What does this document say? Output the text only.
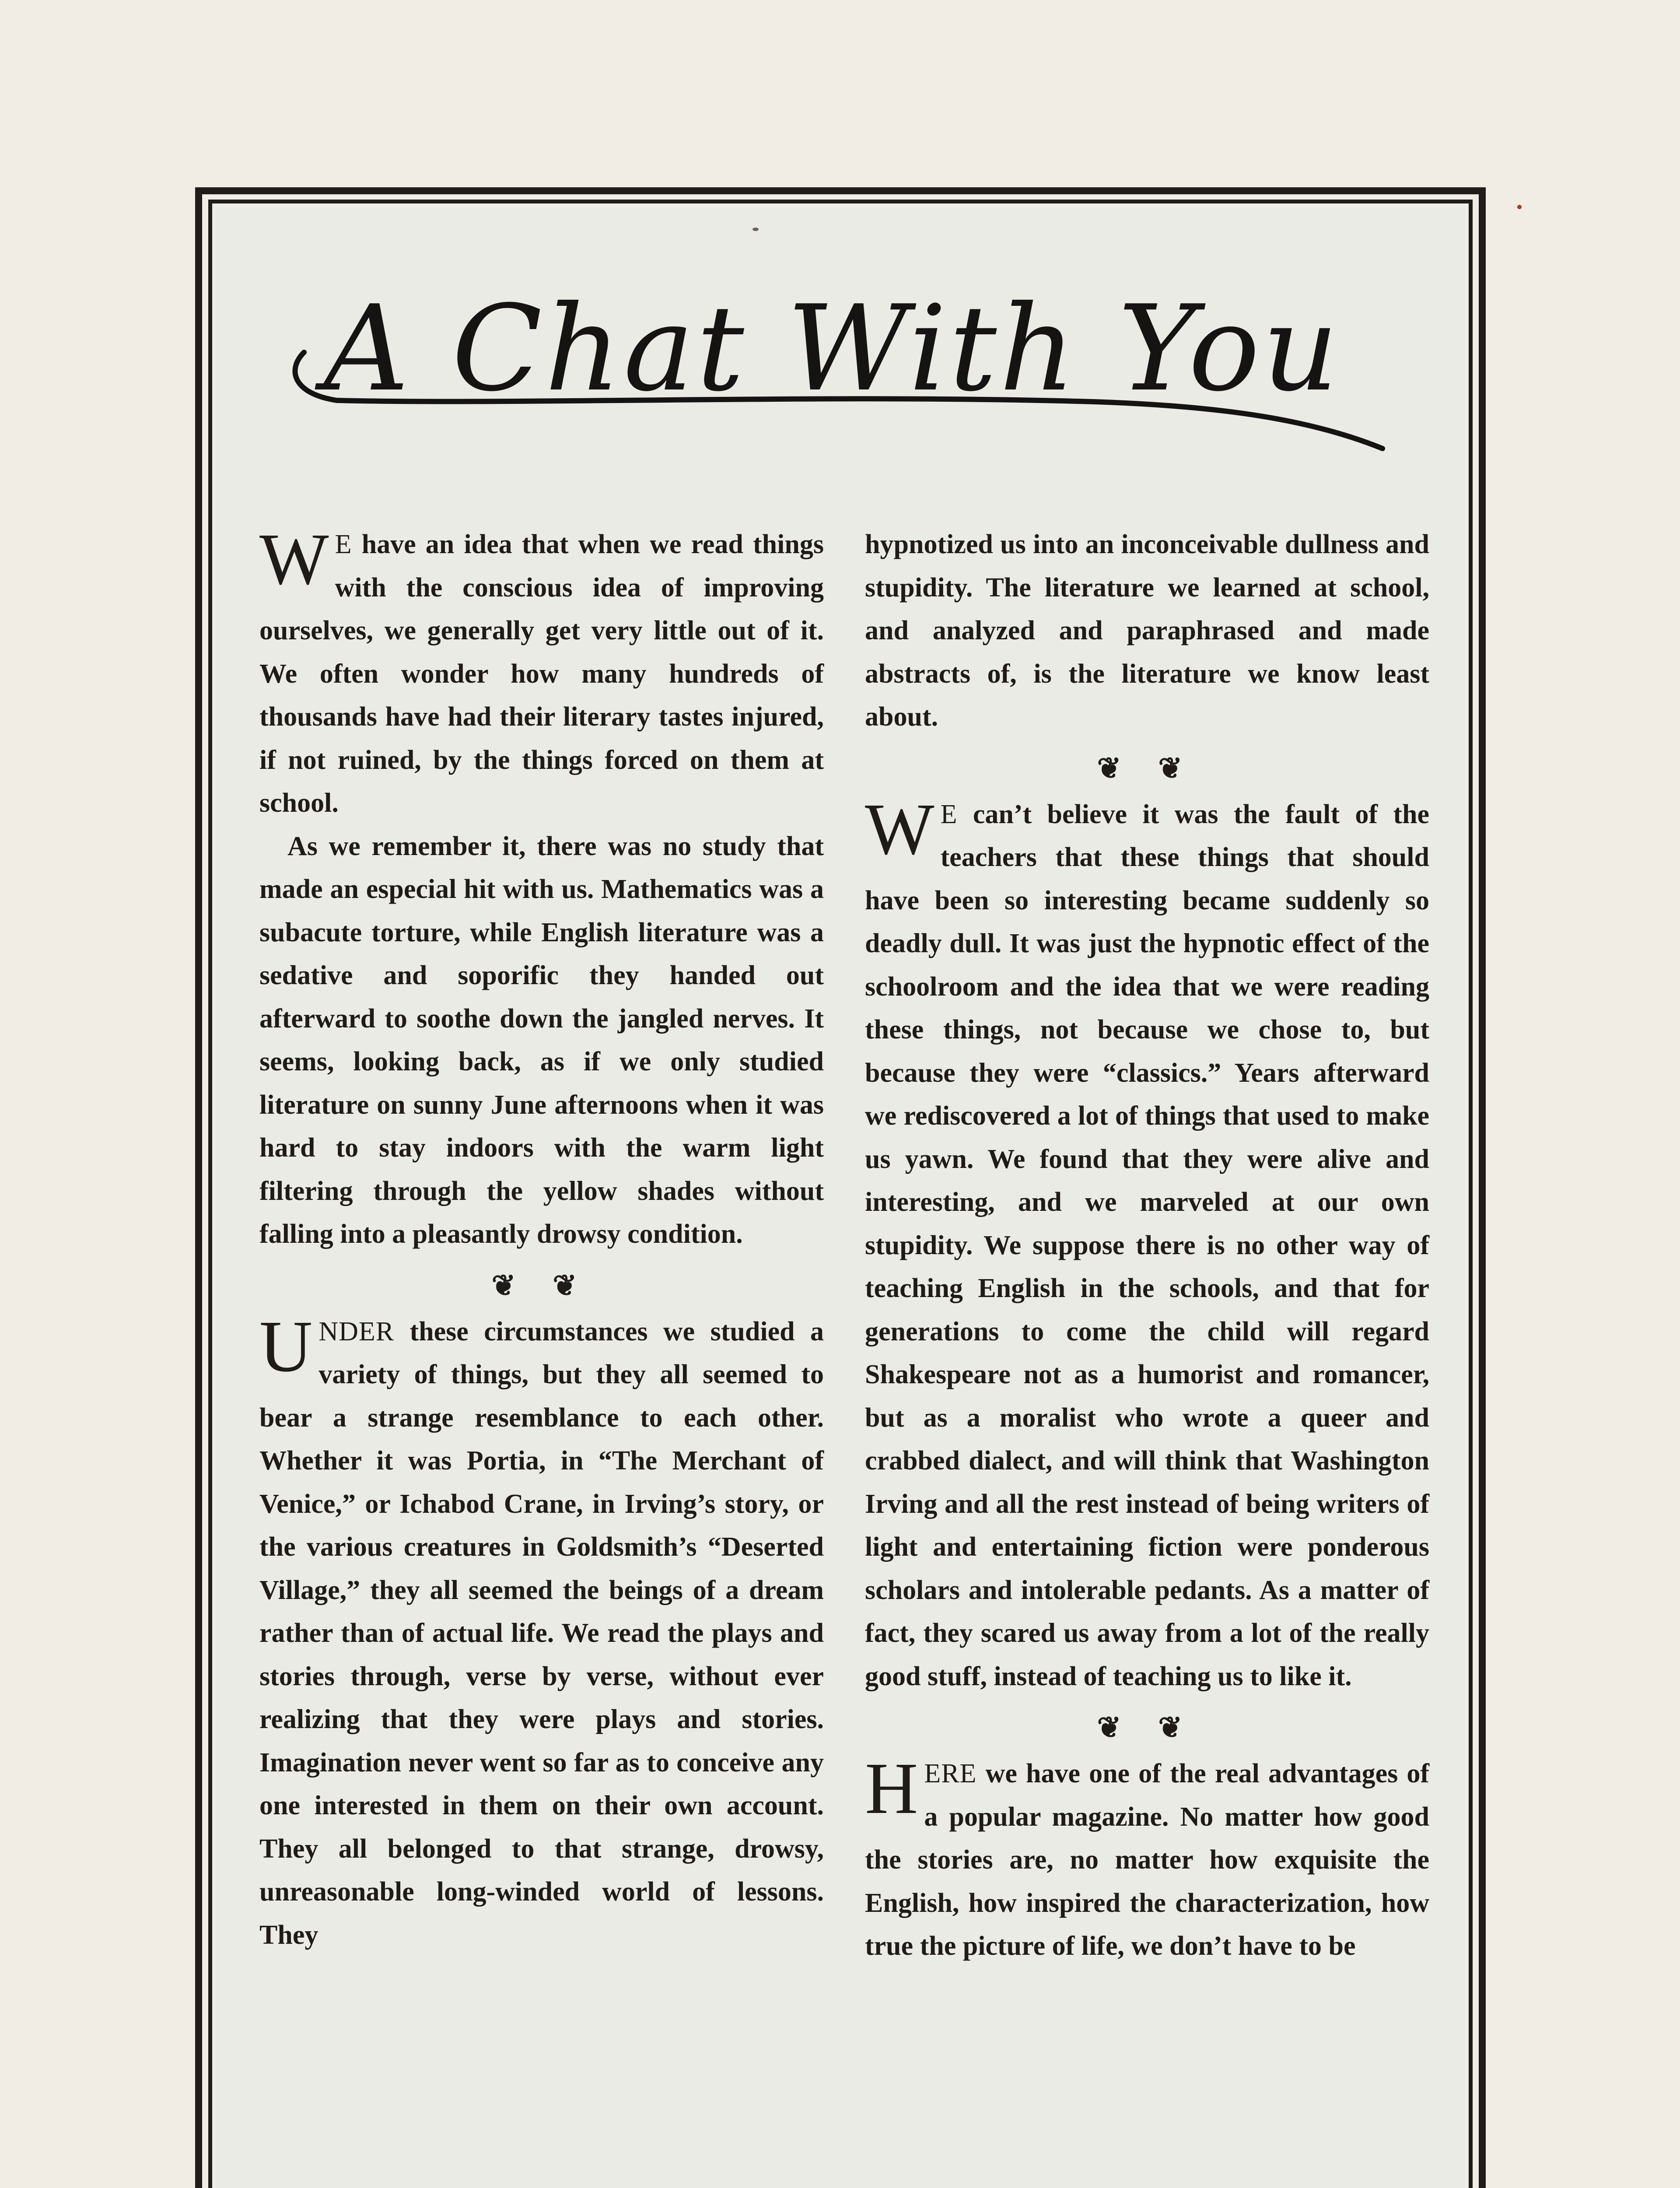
A Chat With You

W E have an idea that when we read things with the conscious idea of improving ourselves, we generally get very little out of it. We often wonder how many hundreds of thousands have had their literary tastes injured, if not ruined, by the things forced on them at school.

As we remember it, there was no study that made an especial hit with us. Mathematics was a subacute torture, while English literature was a sedative and soporific they handed out afterward to soothe down the jangled nerves. It seems, looking back, as if we only studied literature on sunny June afternoons when it was hard to stay indoors with the warm light filtering through the yellow shades without falling into a pleasantly drowsy condition.

❦ ❦

UNDER these circumstances we studied a variety of things, but they all seemed to bear a strange resemblance to each other. Whether it was Portia, in “The Merchant of Venice,” or Ichabod Crane, in Irving’s story, or the various creatures in Goldsmith’s “Deserted Village,” they all seemed the beings of a dream rather than of actual life. We read the plays and stories through, verse by verse, without ever realizing that they were plays and stories. Imagination never went so far as to conceive any one interested in them on their own account. They all belonged to that strange, drowsy, unreasonable long-winded world of lessons. They

hypnotized us into an inconceivable dullness and stupidity. The literature we learned at school, and analyzed and paraphrased and made abstracts of, is the literature we know least about.

❦ ❦

W E can’t believe it was the fault of the teachers that these things that should have been so interesting became suddenly so deadly dull. It was just the hypnotic effect of the schoolroom and the idea that we were reading these things, not because we chose to, but because they were “classics.” Years afterward we rediscovered a lot of things that used to make us yawn. We found that they were alive and interesting, and we marveled at our own stupidity. We suppose there is no other way of teaching English in the schools, and that for generations to come the child will regard Shakespeare not as a humorist and romancer, but as a moralist who wrote a queer and crabbed dialect, and will think that Washington Irving and all the rest instead of being writers of light and entertaining fiction were ponderous scholars and intolerable pedants. As a matter of fact, they scared us away from a lot of the really good stuff, instead of teaching us to like it.

❦ ❦

HERE we have one of the real advantages of a popular magazine. No matter how good the stories are, no matter how exquisite the English, how inspired the characterization, how true the picture of life, we don’t have to be
